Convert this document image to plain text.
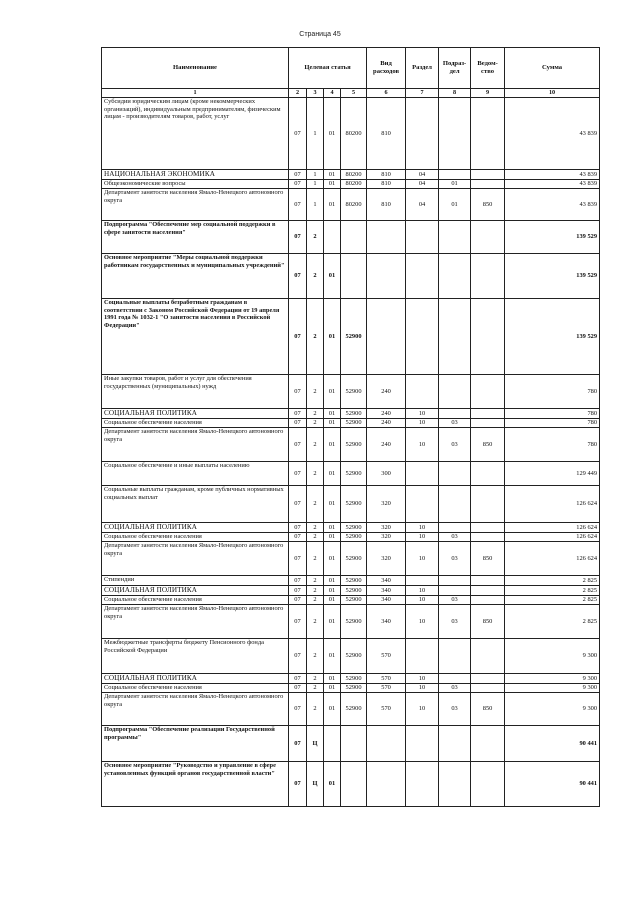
Страница 45
Наименование	Целевая статья				Вид расходов	Раздел	Подраз-дел	Ведом-ство	Сумма
1	2	3	4	5	6	7	8	9	10
Субсидии юридическим лицам (кроме некоммерческих организаций), индивидуальным предпринимателям, физическим лицам - производителям товаров, работ, услуг	07	1	01	80200	810				43 839
НАЦИОНАЛЬНАЯ ЭКОНОМИКА	07	1	01	80200	810	04			43 839
Общеэкономические вопросы	07	1	01	80200	810	04	01		43 839
Департамент занятости населения Ямало-Ненецкого автономного округа	07	1	01	80200	810	04	01	850	43 839
Подпрограмма "Обеспечение мер социальной поддержки в сфере занятости населения"	07	2							139 529
Основное мероприятие "Меры социальной поддержки работникам государственных и муниципальных учреждений"	07	2	01						139 529
Социальные выплаты безработным гражданам в соответствии с Законом Российской Федерации от 19 апреля 1991 года № 1032-1 "О занятости населения в Российской Федерации"	07	2	01	52900					139 529
Иные закупки товаров, работ и услуг для обеспечения государственных (муниципальных) нужд	07	2	01	52900	240				780
СОЦИАЛЬНАЯ ПОЛИТИКА	07	2	01	52900	240	10			780
Социальное обеспечение населения	07	2	01	52900	240	10	03		780
Департамент занятости населения Ямало-Ненецкого автономного округа	07	2	01	52900	240	10	03	850	780
Социальное обеспечение и иные выплаты населению	07	2	01	52900	300				129 449
Социальные выплаты гражданам, кроме публичных нормативных социальных выплат	07	2	01	52900	320				126 624
СОЦИАЛЬНАЯ ПОЛИТИКА	07	2	01	52900	320	10			126 624
Социальное обеспечение населения	07	2	01	52900	320	10	03		126 624
Департамент занятости населения Ямало-Ненецкого автономного округа	07	2	01	52900	320	10	03	850	126 624
Стипендии	07	2	01	52900	340				2 825
СОЦИАЛЬНАЯ ПОЛИТИКА	07	2	01	52900	340	10			2 825
Социальное обеспечение населения	07	2	01	52900	340	10	03		2 825
Департамент занятости населения Ямало-Ненецкого автономного округа	07	2	01	52900	340	10	03	850	2 825
Межбюджетные трансферты бюджету Пенсионного фонда Российской Федерации	07	2	01	52900	570				9 300
СОЦИАЛЬНАЯ ПОЛИТИКА	07	2	01	52900	570	10			9 300
Социальное обеспечение населения	07	2	01	52900	570	10	03		9 300
Департамент занятости населения Ямало-Ненецкого автономного округа	07	2	01	52900	570	10	03	850	9 300
Подпрограмма "Обеспечение реализации Государственной программы"	07	Ц							90 441
Основное мероприятие "Руководство и управление в сфере установленных функций органов государственной власти"	07	Ц	01						90 441
